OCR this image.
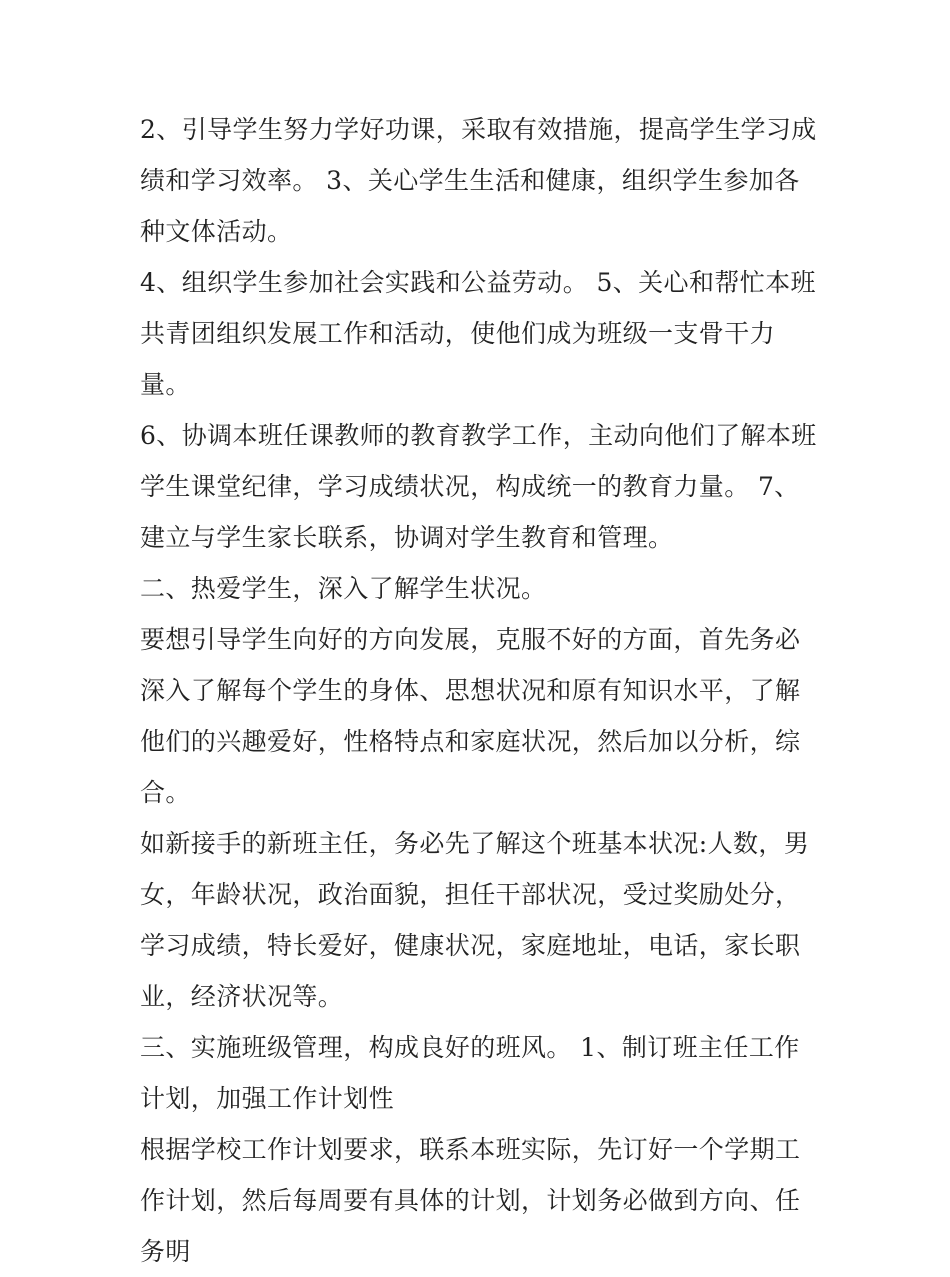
2、引导学生努力学好功课，采取有效措施，提高学生学习成绩和学习效率。 3、关心学生生活和健康，组织学生参加各种文体活动。

4、组织学生参加社会实践和公益劳动。 5、关心和帮忙本班共青团组织发展工作和活动，使他们成为班级一支骨干力量。

6、协调本班任课教师的教育教学工作，主动向他们了解本班学生课堂纪律，学习成绩状况，构成统一的教育力量。 7、建立与学生家长联系，协调对学生教育和管理。

二、热爱学生，深入了解学生状况。

要想引导学生向好的方向发展，克服不好的方面，首先务必深入了解每个学生的身体、思想状况和原有知识水平，了解他们的兴趣爱好，性格特点和家庭状况，然后加以分析，综合。

如新接手的新班主任，务必先了解这个班基本状况:人数，男女，年龄状况，政治面貌，担任干部状况，受过奖励处分，学习成绩，特长爱好，健康状况，家庭地址，电话，家长职业，经济状况等。

三、实施班级管理，构成良好的班风。 1、制订班主任工作计划，加强工作计划性

根据学校工作计划要求，联系本班实际，先订好一个学期工作计划，然后每周要有具体的计划，计划务必做到方向、任务明
